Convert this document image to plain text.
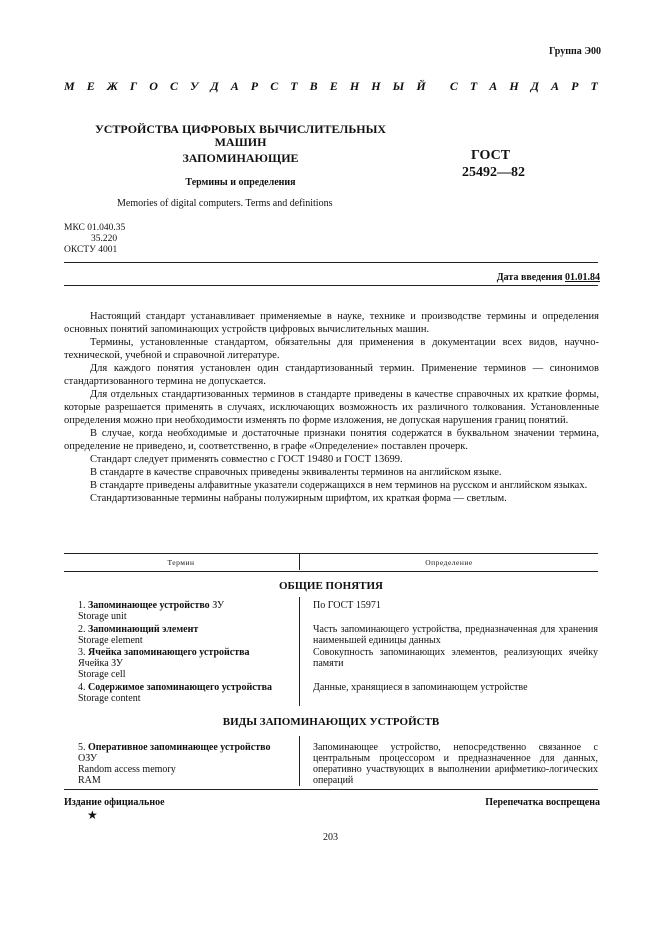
Группа Э00
М Е Ж Г О С У Д А Р С Т В Е Н Н Ы Й С Т А Н Д А Р Т
УСТРОЙСТВА ЦИФРОВЫХ ВЫЧИСЛИТЕЛЬНЫХ
МАШИН
ЗАПОМИНАЮЩИЕ
Термины и определения
ГОСТ
25492—82
Memories of digital computers. Terms and definitions
МКС 01.040.35
35.220
ОКСТУ 4001
Дата введения 01.01.84

Настоящий стандарт устанавливает применяемые в науке, технике и производстве термины и определения основных понятий запоминающих устройств цифровых вычислительных машин.

Термины, установленные стандартом, обязательны для применения в документации всех видов, научно-технической, учебной и справочной литературе.

Для каждого понятия установлен один стандартизованный термин. Применение терминов — синонимов стандартизованного термина не допускается.

Для отдельных стандартизованных терминов в стандарте приведены в качестве справочных их краткие формы, которые разрешается применять в случаях, исключающих возможность их различного толкования. Установленные определения можно при необходимости изменять по форме изложения, не допуская нарушения границ понятий.

В случае, когда необходимые и достаточные признаки понятия содержатся в буквальном значении термина, определение не приведено, и, соответственно, в графе «Определение» поставлен прочерк.

Стандарт следует применять совместно с ГОСТ 19480 и ГОСТ 13699.

В стандарте в качестве справочных приведены эквиваленты терминов на английском языке.

В стандарте приведены алфавитные указатели содержащихся в нем терминов на русском и английском языках.

Стандартизованные термины набраны полужирным шрифтом, их краткая форма — светлым.

Термин	Определение
ОБЩИЕ ПОНЯТИЯ
1. Запоминающее устройство ЗУ
Storage unit
По ГОСТ 15971
2. Запоминающий элемент
Storage element
Часть запоминающего устройства, предназначенная для хранения наименьшей единицы данных
3. Ячейка запоминающего устройства
Ячейка ЗУ
Storage cell
Совокупность запоминающих элементов, реализующих ячейку памяти
4. Содержимое запоминающего устройства
Storage content
Данные, хранящиеся в запоминающем устройстве
ВИДЫ ЗАПОМИНАЮЩИХ УСТРОЙСТВ
5. Оперативное запоминающее устройство
ОЗУ
Random access memory
RAM
Запоминающее устройство, непосредственно связанное с центральным процессором и предназначенное для данных, оперативно участвующих в выполнении арифметико-логических операций
Издание официальное	Перепечатка воспрещена
★
203
